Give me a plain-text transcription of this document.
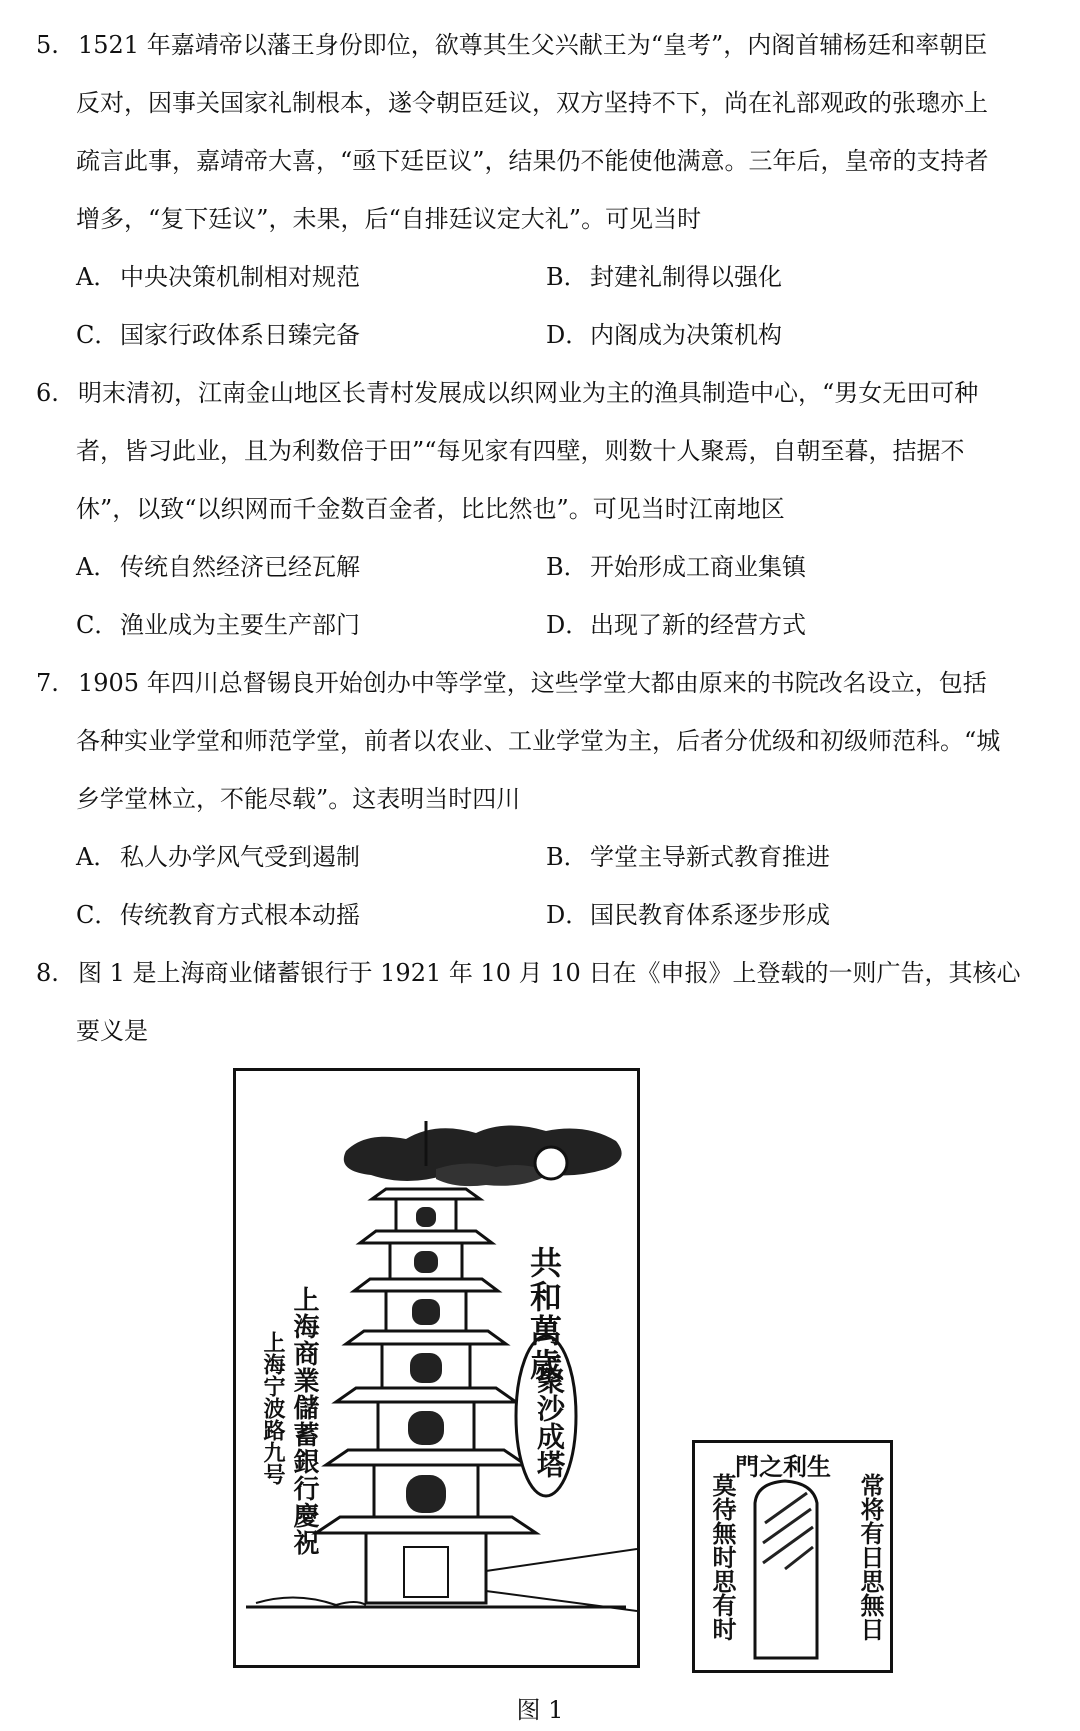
5. 1521 年嘉靖帝以藩王身份即位，欲尊其生父兴献王为“皇考”，内阁首辅杨廷和率朝臣
反对，因事关国家礼制根本，遂令朝臣廷议，双方坚持不下，尚在礼部观政的张璁亦上
疏言此事，嘉靖帝大喜，“亟下廷臣议”，结果仍不能使他满意。三年后，皇帝的支持者
增多，“复下廷议”，未果，后“自排廷议定大礼”。可见当时
A． 中央决策机制相对规范	B．封建礼制得以强化
C．国家行政体系日臻完备	D．内阁成为决策机构
6. 明末清初，江南金山地区长青村发展成以织网业为主的渔具制造中心，“男女无田可种
者，皆习此业，且为利数倍于田”“每见家有四壁，则数十人聚焉，自朝至暮，拮据不
休”，以致“以织网而千金数百金者，比比然也”。可见当时江南地区
A． 传统自然经济已经瓦解	B．开始形成工商业集镇
C．渔业成为主要生产部门	D．出现了新的经营方式
7. 1905 年四川总督锡良开始创办中等学堂，这些学堂大都由原来的书院改名设立，包括
各种实业学堂和师范学堂，前者以农业、工业学堂为主，后者分优级和初级师范科。“城
乡学堂林立，不能尽载”。这表明当时四川
A． 私人办学风气受到遏制	B．学堂主导新式教育推进
C．传统教育方式根本动摇	D．国民教育体系逐步形成
8. 图 1 是上海商业储蓄银行于 1921 年 10 月 10 日在《申报》上登载的一则广告，其核心
要义是
共和萬歲
聚沙成塔
上海商業儲蓄銀行慶祝
上海宁波路九号	門之利生
莫待無时思有时	常将有日思無日
图 1
